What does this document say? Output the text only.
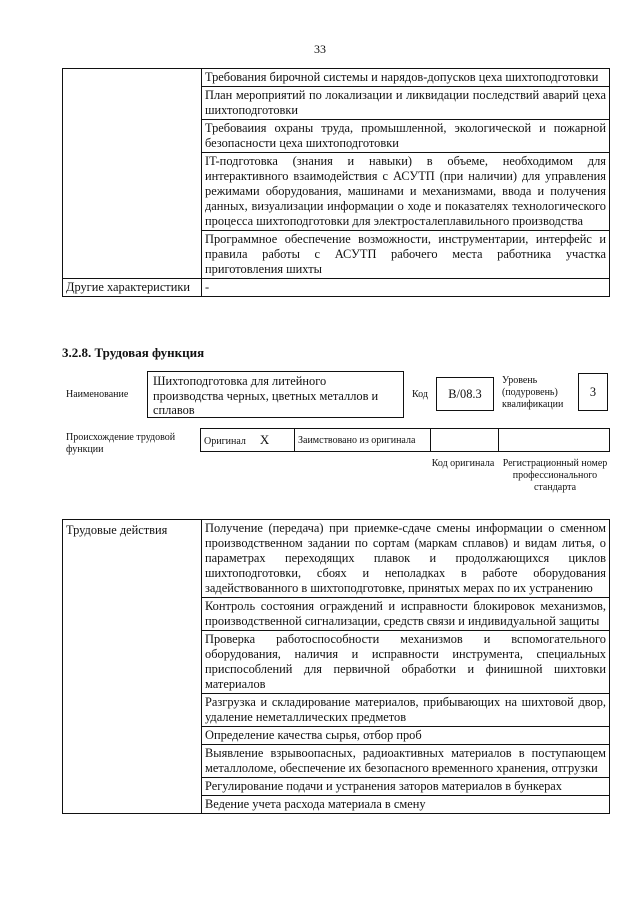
33
	Требования бирочной системы и нарядов-допусков цеха шихтоподготовки
	План мероприятий по локализации и ликвидации последствий аварий цеха шихтоподготовки
	Требоваиия охраны труда, промышленной, экологической и пожарной безопасности цеха шихтоподготовки
	IT-подготовка (знания и навыки) в объеме, необходимом для интерактивного взаимодействия с АСУТП (при наличии) для управления режимами оборудования, машинами и механизмами, ввода и получения данных, визуализации информации о ходе и показателях технологического процесса шихтоподготовки для электросталеплавильного производства
	Программное обеспечение возможности, инструментарии, интерфейс и правила работы с АСУТП рабочего места работника участка приготовления шихты
Другие характеристики	-
3.2.8. Трудовая функция
Наименование
Шихтоподготовка для литейного производства черных, цветных металлов и сплавов
Код	B/08.3
Уровень (подуровень) квалификации
3
Происхождение трудовой функции
Оригинал X	Заимствовано из оригинала		
Код оригинала Регистрационный номер профессионального стандарта
Трудовые действия	Получение (передача) при приемке-сдаче смены информации о сменном производственном задании по сортам (маркам сплавов) и видам литья, о параметрах переходящих плавок и продолжающихся циклов шихтоподготовки, сбоях и неполадках в работе оборудования задействованного в шихтоподготовке, принятых мерах по их устранению
Контроль состояния ограждений и исправности блокировок механизмов, производственной сигнализации, средств связи и индивидуальной защиты
Проверка работоспособности механизмов и вспомогательного оборудования, наличия и исправности инструмента, специальных приспособлений для первичной обработки и финишной шихтовки материалов
Разгрузка и складирование материалов, прибывающих на шихтовой двор, удаление неметаллических предметов
Определение качества сырья, отбор проб
Выявление взрывоопасных, радиоактивных материалов в поступающем металлоломе, обеспечение их безопасного временного хранения, отгрузки
Регулирование подачи и устранения заторов материалов в бункерах
Ведение учета расхода материала в смену
